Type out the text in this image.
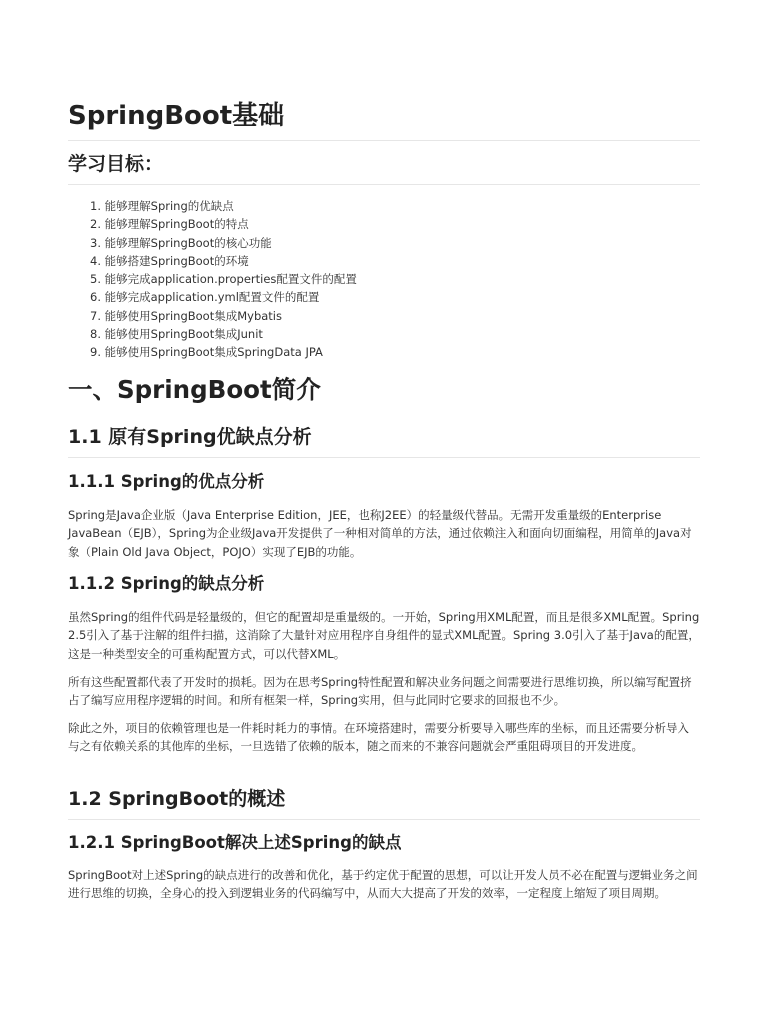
SpringBoot基础
学习目标：
1. 能够理解Spring的优缺点
2. 能够理解SpringBoot的特点
3. 能够理解SpringBoot的核心功能
4. 能够搭建SpringBoot的环境
5. 能够完成application.properties配置文件的配置
6. 能够完成application.yml配置文件的配置
7. 能够使用SpringBoot集成Mybatis
8. 能够使用SpringBoot集成Junit
9. 能够使用SpringBoot集成SpringData JPA
一、SpringBoot简介
1.1 原有Spring优缺点分析
1.1.1 Spring的优点分析

Spring是Java企业版（Java Enterprise Edition，JEE，也称J2EE）的轻量级代替品。无需开发重量级的Enterprise JavaBean（EJB），Spring为企业级Java开发提供了一种相对简单的方法，通过依赖注入和面向切面编程，用简单的Java对象（Plain Old Java Object，POJO）实现了EJB的功能。

1.1.2 Spring的缺点分析

虽然Spring的组件代码是轻量级的，但它的配置却是重量级的。一开始，Spring用XML配置，而且是很多XML配置。Spring 2.5引入了基于注解的组件扫描，这消除了大量针对应用程序自身组件的显式XML配置。Spring 3.0引入了基于Java的配置，这是一种类型安全的可重构配置方式，可以代替XML。

所有这些配置都代表了开发时的损耗。因为在思考Spring特性配置和解决业务问题之间需要进行思维切换，所以编写配置挤占了编写应用程序逻辑的时间。和所有框架一样，Spring实用，但与此同时它要求的回报也不少。

除此之外，项目的依赖管理也是一件耗时耗力的事情。在环境搭建时，需要分析要导入哪些库的坐标，而且还需要分析导入与之有依赖关系的其他库的坐标，一旦选错了依赖的版本，随之而来的不兼容问题就会严重阻碍项目的开发进度。

1.2 SpringBoot的概述
1.2.1 SpringBoot解决上述Spring的缺点

SpringBoot对上述Spring的缺点进行的改善和优化，基于约定优于配置的思想，可以让开发人员不必在配置与逻辑业务之间进行思维的切换，全身心的投入到逻辑业务的代码编写中，从而大大提高了开发的效率，一定程度上缩短了项目周期。
